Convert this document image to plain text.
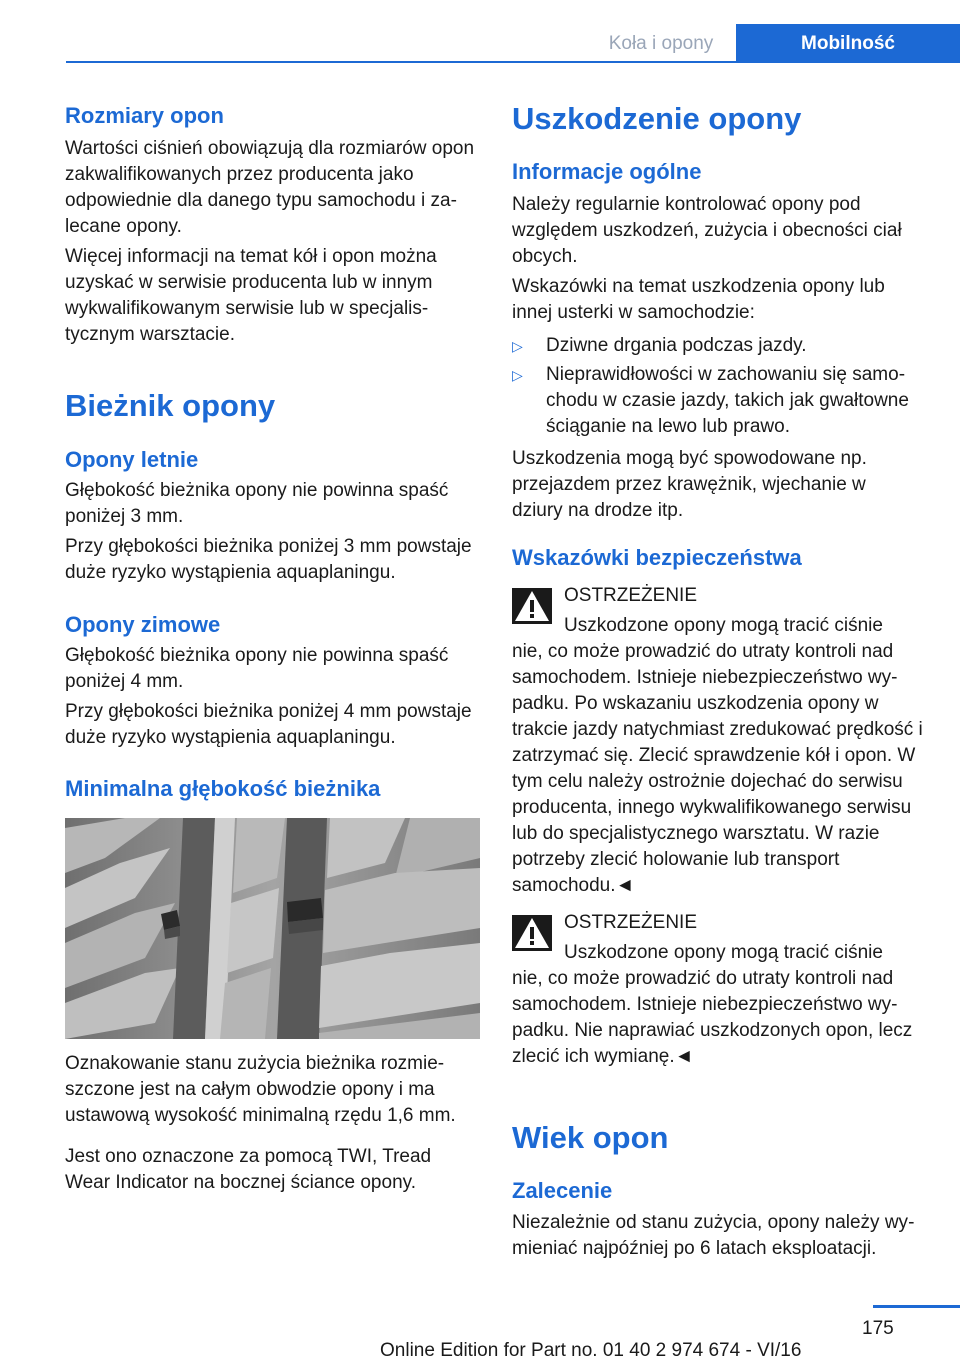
Koła i opony	Mobilność
Rozmiary opon
Wartości ciśnień obowiązują dla rozmiarów opon zakwalifikowanych przez producenta jako odpowiednie dla danego typu samochodu i zalecane opony.
Więcej informacji na temat kół i opon można uzyskać w serwisie producenta lub w innym wykwalifikowanym serwisie lub w specjalistycznym warsztacie.
Bieżnik opony
Opony letnie
Głębokość bieżnika opony nie powinna spaść poniżej 3 mm.
Przy głębokości bieżnika poniżej 3 mm powstaje duże ryzyko wystąpienia aquaplaningu.
Opony zimowe
Głębokość bieżnika opony nie powinna spaść poniżej 4 mm.
Przy głębokości bieżnika poniżej 4 mm powstaje duże ryzyko wystąpienia aquaplaningu.
Minimalna głębokość bieżnika
Oznakowanie stanu zużycia bieżnika rozmieszczone jest na całym obwodzie opony i ma ustawową wysokość minimalną rzędu 1,6 mm.
Jest ono oznaczone za pomocą TWI, Tread Wear Indicator na bocznej ściance opony.
Uszkodzenie opony
Informacje ogólne
Należy regularnie kontrolować opony pod względem uszkodzeń, zużycia i obecności ciał obcych.
Wskazówki na temat uszkodzenia opony lub innej usterki w samochodzie:
▷ Dziwne drgania podczas jazdy.
▷ Nieprawidłowości w zachowaniu się samochodu w czasie jazdy, takich jak gwałtowne ściąganie na lewo lub prawo.
Uszkodzenia mogą być spowodowane np. przejazdem przez krawężnik, wjechanie w dziury na drodze itp.
Wskazówki bezpieczeństwa
OSTRZEŻENIE
Uszkodzone opony mogą tracić ciśnie
nie, co może prowadzić do utraty kontroli nad samochodem. Istnieje niebezpieczeństwo wypadku. Po wskazaniu uszkodzenia opony w trakcie jazdy natychmiast zredukować prędkość i zatrzymać się. Zlecić sprawdzenie kół i opon. W tym celu należy ostrożnie dojechać do serwisu producenta, innego wykwalifikowanego serwisu lub do specjalistycznego warsztatu. W razie potrzeby zlecić holowanie lub transport samochodu.◄
OSTRZEŻENIE
Uszkodzone opony mogą tracić ciśnie
nie, co może prowadzić do utraty kontroli nad samochodem. Istnieje niebezpieczeństwo wypadku. Nie naprawiać uszkodzonych opon, lecz zlecić ich wymianę.◄
Wiek opon
Zalecenie
Niezależnie od stanu zużycia, opony należy wymieniać najpóźniej po 6 latach eksploatacji.
175
Online Edition for Part no. 01 40 2 974 674 - VI/16
